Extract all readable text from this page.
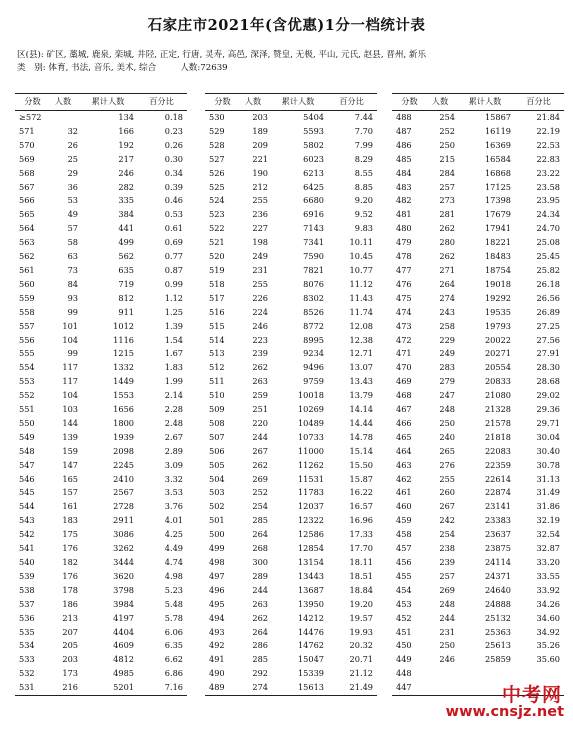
石家庄市2021年(含优惠)1分一档统计表
区(县): 矿区, 藁城, 鹿泉, 栾城, 井陉, 正定, 行唐, 灵寿, 高邑, 深泽, 赞皇, 无极, 平山, 元氏, 赵县, 晋州, 新乐
类　别: 体育, 书法, 音乐, 美术, 综合	人数:72639
分数	人数	累计人数	百分比
≥572		134	0.18
571	32	166	0.23
570	26	192	0.26
569	25	217	0.30
568	29	246	0.34
567	36	282	0.39
566	53	335	0.46
565	49	384	0.53
564	57	441	0.61
563	58	499	0.69
562	63	562	0.77
561	73	635	0.87
560	84	719	0.99
559	93	812	1.12
558	99	911	1.25
557	101	1012	1.39
556	104	1116	1.54
555	99	1215	1.67
554	117	1332	1.83
553	117	1449	1.99
552	104	1553	2.14
551	103	1656	2.28
550	144	1800	2.48
549	139	1939	2.67
548	159	2098	2.89
547	147	2245	3.09
546	165	2410	3.32
545	157	2567	3.53
544	161	2728	3.76
543	183	2911	4.01
542	175	3086	4.25
541	176	3262	4.49
540	182	3444	4.74
539	176	3620	4.98
538	178	3798	5.23
537	186	3984	5.48
536	213	4197	5.78
535	207	4404	6.06
534	205	4609	6.35
533	203	4812	6.62
532	173	4985	6.86
531	216	5201	7.16
分数	人数	累计人数	百分比
530	203	5404	7.44
529	189	5593	7.70
528	209	5802	7.99
527	221	6023	8.29
526	190	6213	8.55
525	212	6425	8.85
524	255	6680	9.20
523	236	6916	9.52
522	227	7143	9.83
521	198	7341	10.11
520	249	7590	10.45
519	231	7821	10.77
518	255	8076	11.12
517	226	8302	11.43
516	224	8526	11.74
515	246	8772	12.08
514	223	8995	12.38
513	239	9234	12.71
512	262	9496	13.07
511	263	9759	13.43
510	259	10018	13.79
509	251	10269	14.14
508	220	10489	14.44
507	244	10733	14.78
506	267	11000	15.14
505	262	11262	15.50
504	269	11531	15.87
503	252	11783	16.22
502	254	12037	16.57
501	285	12322	16.96
500	264	12586	17.33
499	268	12854	17.70
498	300	13154	18.11
497	289	13443	18.51
496	244	13687	18.84
495	263	13950	19.20
494	262	14212	19.57
493	264	14476	19.93
492	286	14762	20.32
491	285	15047	20.71
490	292	15339	21.12
489	274	15613	21.49
分数	人数	累计人数	百分比
488	254	15867	21.84
487	252	16119	22.19
486	250	16369	22.53
485	215	16584	22.83
484	284	16868	23.22
483	257	17125	23.58
482	273	17398	23.95
481	281	17679	24.34
480	262	17941	24.70
479	280	18221	25.08
478	262	18483	25.45
477	271	18754	25.82
476	264	19018	26.18
475	274	19292	26.56
474	243	19535	26.89
473	258	19793	27.25
472	229	20022	27.56
471	249	20271	27.91
470	283	20554	28.30
469	279	20833	28.68
468	247	21080	29.02
467	248	21328	29.36
466	250	21578	29.71
465	240	21818	30.04
464	265	22083	30.40
463	276	22359	30.78
462	255	22614	31.13
461	260	22874	31.49
460	267	23141	31.86
459	242	23383	32.19
458	254	23637	32.54
457	238	23875	32.87
456	239	24114	33.20
455	257	24371	33.55
454	269	24640	33.92
453	248	24888	34.26
452	244	25132	34.60
451	231	25363	34.92
450	250	25613	35.26
449	246	25859	35.60
448			
447				中考网
www.cnsjz.net
